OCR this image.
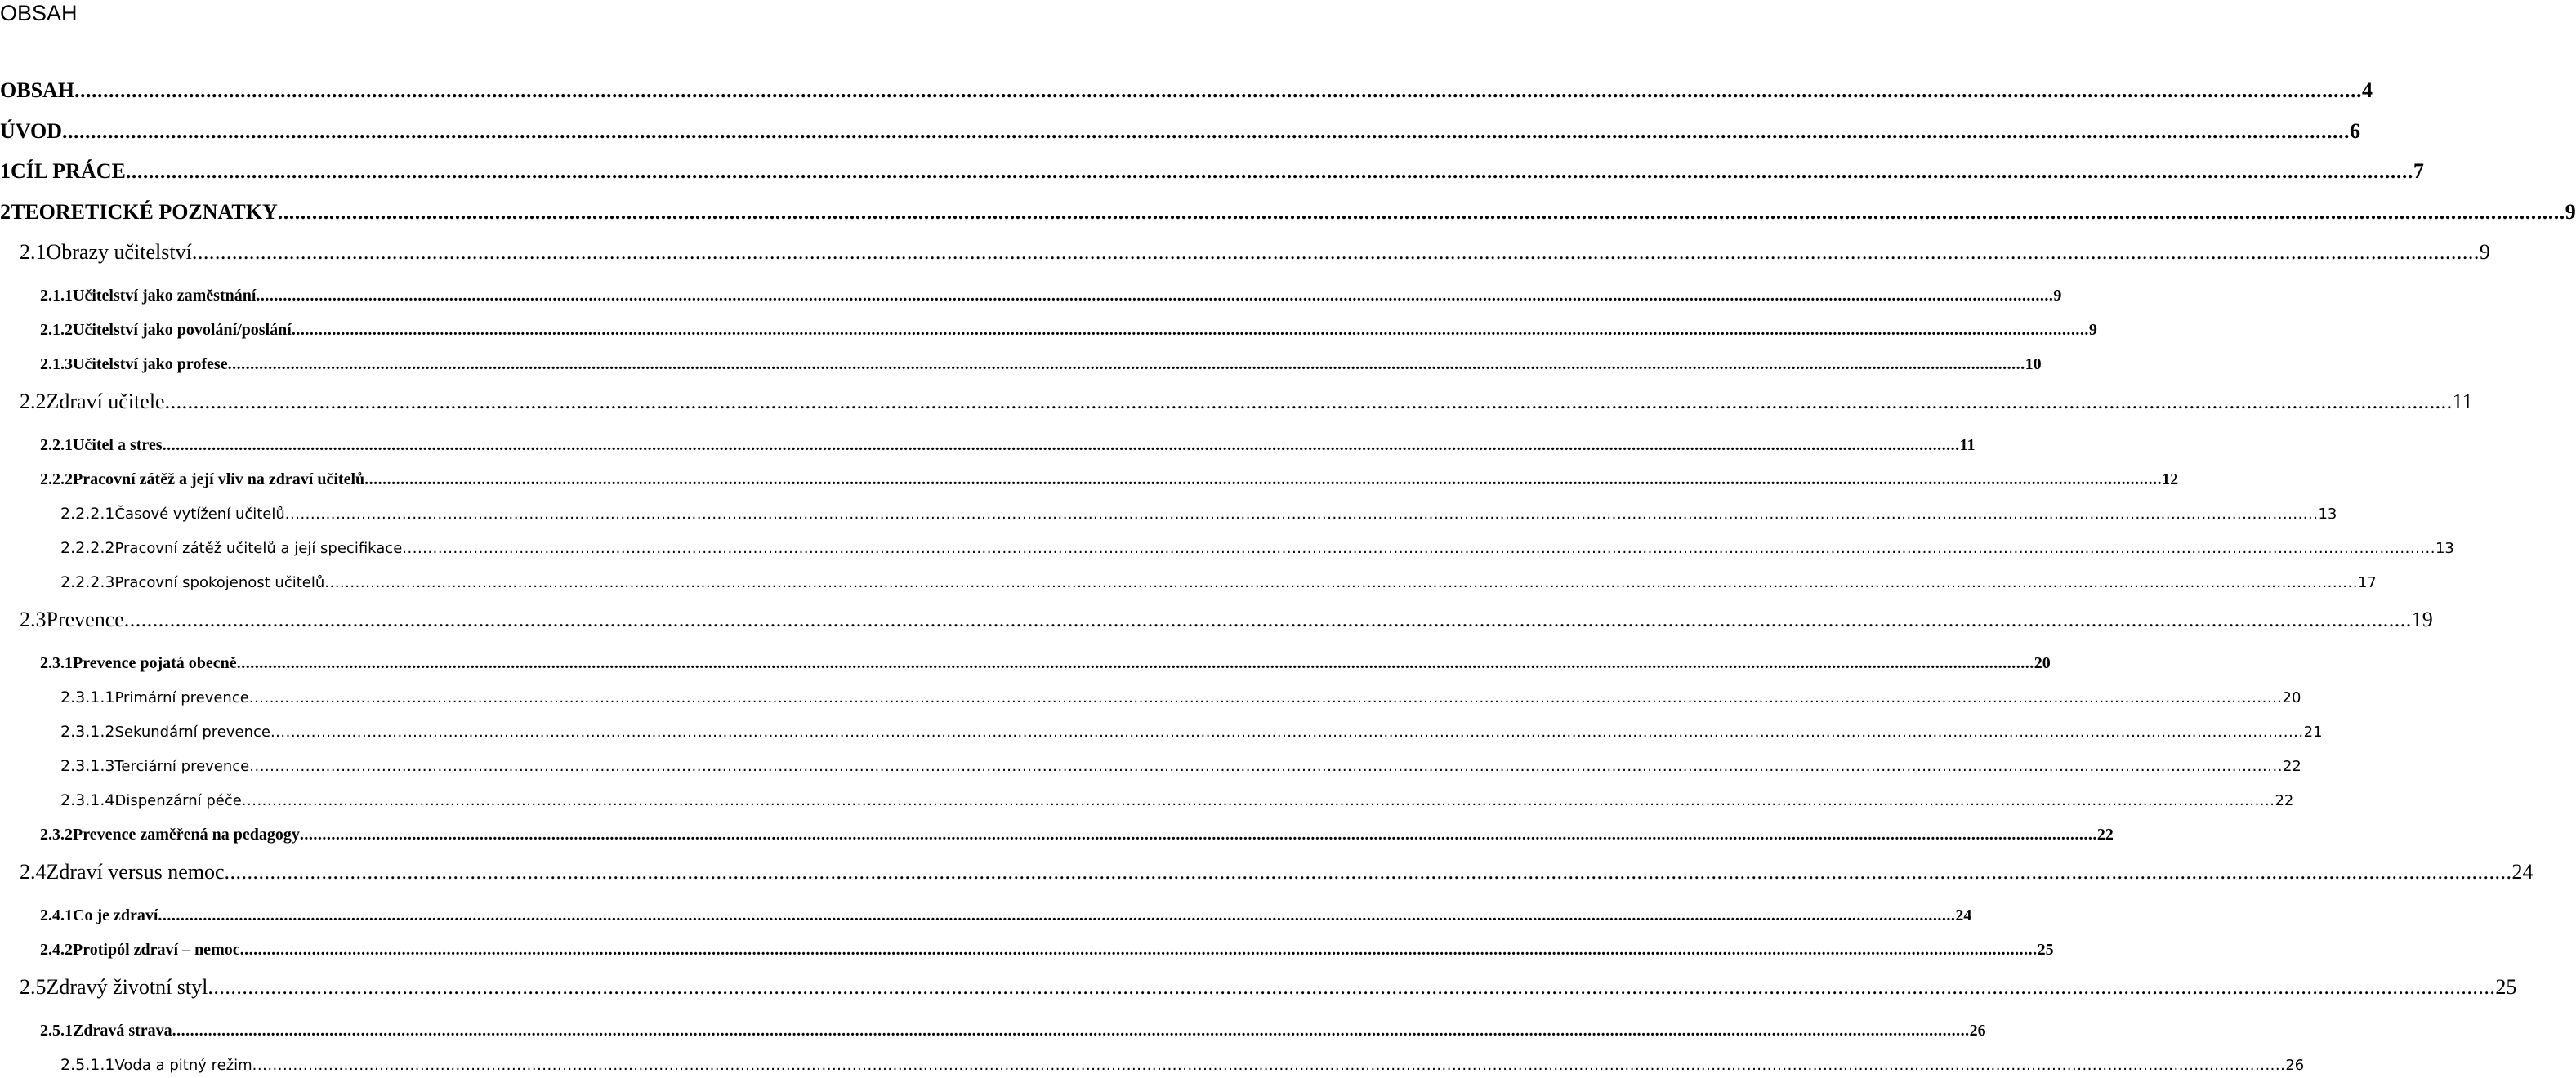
OBSAH
OBSAH ................................................................................................................................................................................................................................................................................................................................................................................................................ 4
ÚVOD ................................................................................................................................................................................................................................................................................................................................................................................................................ 6
1 CÍL PRÁCE ................................................................................................................................................................................................................................................................................................................................................................................................................ 7
2 TEORETICKÉ POZNATKY ................................................................................................................................................................................................................................................................................................................................................................................................................ 9
2.1 Obrazy učitelství ................................................................................................................................................................................................................................................................................................................................................................................................................ 9
2.1.1 Učitelství jako zaměstnání ................................................................................................................................................................................................................................................................................................................................................................................................................ 9
2.1.2 Učitelství jako povolání/poslání ................................................................................................................................................................................................................................................................................................................................................................................................................ 9
2.1.3 Učitelství jako profese ................................................................................................................................................................................................................................................................................................................................................................................................................ 10
2.2 Zdraví učitele ................................................................................................................................................................................................................................................................................................................................................................................................................ 11
2.2.1 Učitel a stres ................................................................................................................................................................................................................................................................................................................................................................................................................ 11
2.2.2 Pracovní zátěž a její vliv na zdraví učitelů ................................................................................................................................................................................................................................................................................................................................................................................................................ 12
2.2.2.1 Časové vytížení učitelů ................................................................................................................................................................................................................................................................................................................................................................................................................ 13
2.2.2.2 Pracovní zátěž učitelů a její specifikace ................................................................................................................................................................................................................................................................................................................................................................................................................ 13
2.2.2.3 Pracovní spokojenost učitelů ................................................................................................................................................................................................................................................................................................................................................................................................................ 17
2.3 Prevence ................................................................................................................................................................................................................................................................................................................................................................................................................ 19
2.3.1 Prevence pojatá obecně ................................................................................................................................................................................................................................................................................................................................................................................................................ 20
2.3.1.1 Primární prevence ................................................................................................................................................................................................................................................................................................................................................................................................................ 20
2.3.1.2 Sekundární prevence ................................................................................................................................................................................................................................................................................................................................................................................................................ 21
2.3.1.3 Terciární prevence ................................................................................................................................................................................................................................................................................................................................................................................................................ 22
2.3.1.4 Dispenzární péče ................................................................................................................................................................................................................................................................................................................................................................................................................ 22
2.3.2 Prevence zaměřená na pedagogy ................................................................................................................................................................................................................................................................................................................................................................................................................ 22
2.4 Zdraví versus nemoc ................................................................................................................................................................................................................................................................................................................................................................................................................ 24
2.4.1 Co je zdraví ................................................................................................................................................................................................................................................................................................................................................................................................................ 24
2.4.2 Protipól zdraví – nemoc ................................................................................................................................................................................................................................................................................................................................................................................................................ 25
2.5 Zdravý životní styl ................................................................................................................................................................................................................................................................................................................................................................................................................ 25
2.5.1 Zdravá strava ................................................................................................................................................................................................................................................................................................................................................................................................................ 26
2.5.1.1 Voda a pitný režim ................................................................................................................................................................................................................................................................................................................................................................................................................ 26
